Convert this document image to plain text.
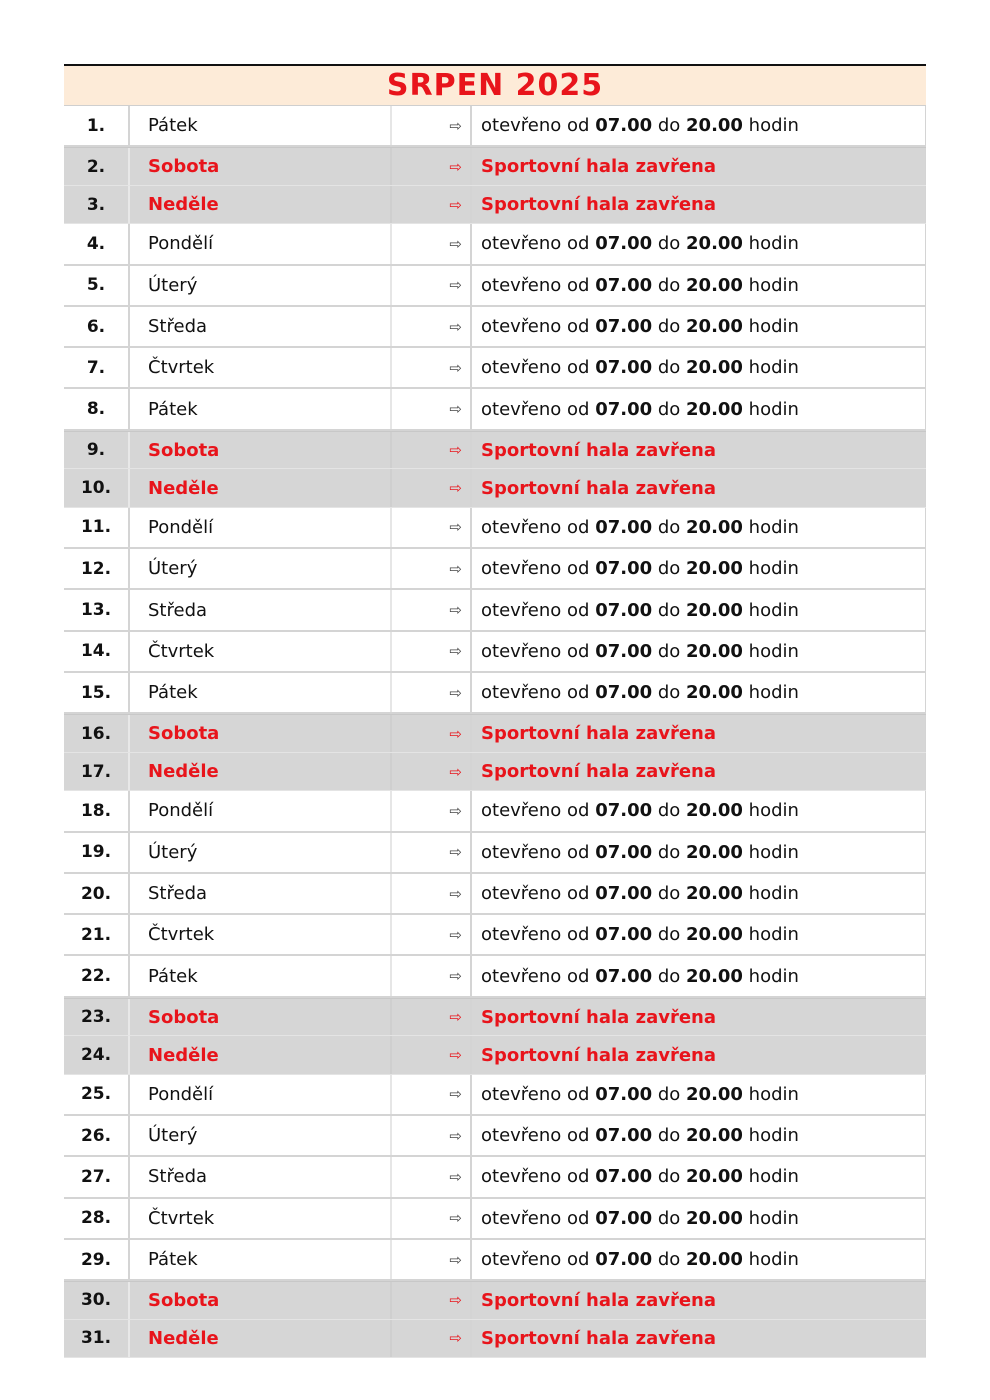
SRPEN 2025
1.	Pátek	⇨	otevřeno od 07.00 do 20.00 hodin
2.	Sobota	⇨	Sportovní hala zavřena
3.	Neděle	⇨	Sportovní hala zavřena
4.	Pondělí	⇨	otevřeno od 07.00 do 20.00 hodin
5.	Úterý	⇨	otevřeno od 07.00 do 20.00 hodin
6.	Středa	⇨	otevřeno od 07.00 do 20.00 hodin
7.	Čtvrtek	⇨	otevřeno od 07.00 do 20.00 hodin
8.	Pátek	⇨	otevřeno od 07.00 do 20.00 hodin
9.	Sobota	⇨	Sportovní hala zavřena
10.	Neděle	⇨	Sportovní hala zavřena
11.	Pondělí	⇨	otevřeno od 07.00 do 20.00 hodin
12.	Úterý	⇨	otevřeno od 07.00 do 20.00 hodin
13.	Středa	⇨	otevřeno od 07.00 do 20.00 hodin
14.	Čtvrtek	⇨	otevřeno od 07.00 do 20.00 hodin
15.	Pátek	⇨	otevřeno od 07.00 do 20.00 hodin
16.	Sobota	⇨	Sportovní hala zavřena
17.	Neděle	⇨	Sportovní hala zavřena
18.	Pondělí	⇨	otevřeno od 07.00 do 20.00 hodin
19.	Úterý	⇨	otevřeno od 07.00 do 20.00 hodin
20.	Středa	⇨	otevřeno od 07.00 do 20.00 hodin
21.	Čtvrtek	⇨	otevřeno od 07.00 do 20.00 hodin
22.	Pátek	⇨	otevřeno od 07.00 do 20.00 hodin
23.	Sobota	⇨	Sportovní hala zavřena
24.	Neděle	⇨	Sportovní hala zavřena
25.	Pondělí	⇨	otevřeno od 07.00 do 20.00 hodin
26.	Úterý	⇨	otevřeno od 07.00 do 20.00 hodin
27.	Středa	⇨	otevřeno od 07.00 do 20.00 hodin
28.	Čtvrtek	⇨	otevřeno od 07.00 do 20.00 hodin
29.	Pátek	⇨	otevřeno od 07.00 do 20.00 hodin
30.	Sobota	⇨	Sportovní hala zavřena
31.	Neděle	⇨	Sportovní hala zavřena
